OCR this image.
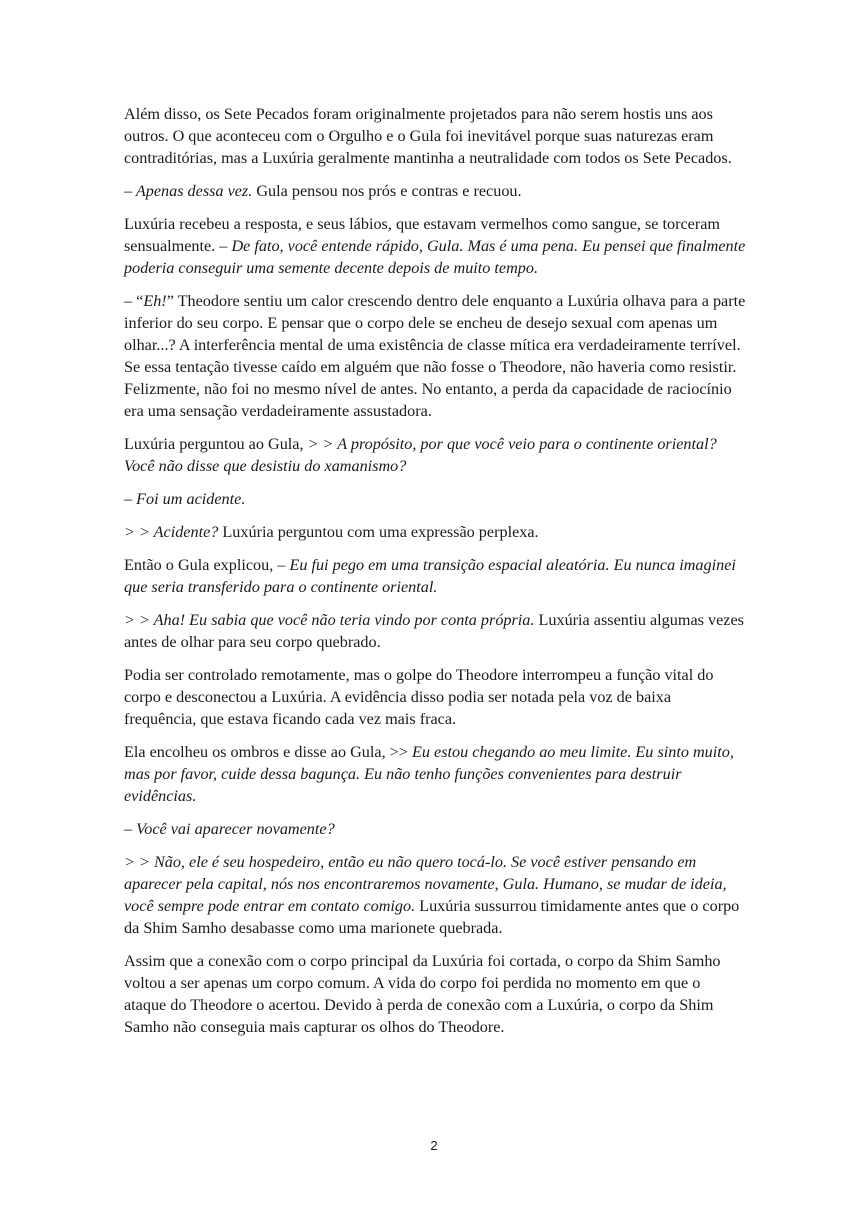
Além disso, os Sete Pecados foram originalmente projetados para não serem hostis uns aos outros. O que aconteceu com o Orgulho e o Gula foi inevitável porque suas naturezas eram contraditórias, mas a Luxúria geralmente mantinha a neutralidade com todos os Sete Pecados.

– Apenas dessa vez. Gula pensou nos prós e contras e recuou.

Luxúria recebeu a resposta, e seus lábios, que estavam vermelhos como sangue, se torceram sensualmente. – De fato, você entende rápido, Gula. Mas é uma pena. Eu pensei que finalmente poderia conseguir uma semente decente depois de muito tempo.

– “Eh!” Theodore sentiu um calor crescendo dentro dele enquanto a Luxúria olhava para a parte inferior do seu corpo. E pensar que o corpo dele se encheu de desejo sexual com apenas um olhar...? A interferência mental de uma existência de classe mítica era verdadeiramente terrível. Se essa tentação tivesse caído em alguém que não fosse o Theodore, não haveria como resistir. Felizmente, não foi no mesmo nível de antes. No entanto, a perda da capacidade de raciocínio era uma sensação verdadeiramente assustadora.

Luxúria perguntou ao Gula, > > A propósito, por que você veio para o continente oriental? Você não disse que desistiu do xamanismo?

– Foi um acidente.

> > Acidente? Luxúria perguntou com uma expressão perplexa.

Então o Gula explicou, – Eu fui pego em uma transição espacial aleatória. Eu nunca imaginei que seria transferido para o continente oriental.

> > Aha! Eu sabia que você não teria vindo por conta própria. Luxúria assentiu algumas vezes antes de olhar para seu corpo quebrado.

Podia ser controlado remotamente, mas o golpe do Theodore interrompeu a função vital do corpo e desconectou a Luxúria. A evidência disso podia ser notada pela voz de baixa frequência, que estava ficando cada vez mais fraca.

Ela encolheu os ombros e disse ao Gula, >> Eu estou chegando ao meu limite. Eu sinto muito, mas por favor, cuide dessa bagunça. Eu não tenho funções convenientes para destruir evidências.

– Você vai aparecer novamente?

> > Não, ele é seu hospedeiro, então eu não quero tocá-lo. Se você estiver pensando em aparecer pela capital, nós nos encontraremos novamente, Gula. Humano, se mudar de ideia, você sempre pode entrar em contato comigo. Luxúria sussurrou timidamente antes que o corpo da Shim Samho desabasse como uma marionete quebrada.

Assim que a conexão com o corpo principal da Luxúria foi cortada, o corpo da Shim Samho voltou a ser apenas um corpo comum. A vida do corpo foi perdida no momento em que o ataque do Theodore o acertou. Devido à perda de conexão com a Luxúria, o corpo da Shim Samho não conseguia mais capturar os olhos do Theodore.

2
